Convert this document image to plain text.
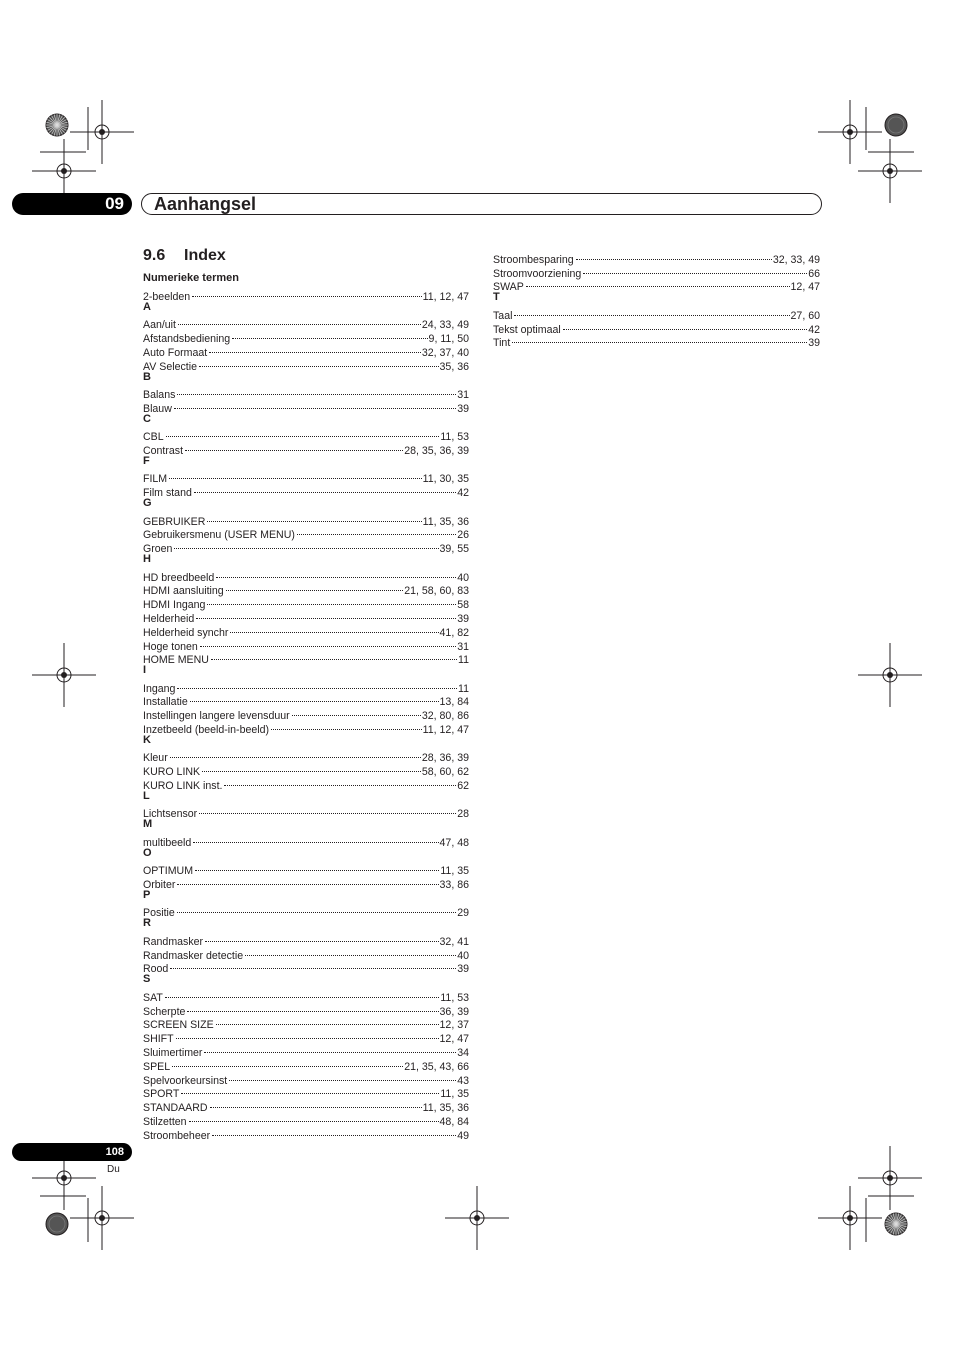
09	Aanhangsel
9.6 Index
Numerieke termen
2-beelden	11, 12, 47
A
Aan/uit	24, 33, 49
Afstandsbediening	9, 11, 50
Auto Formaat	32, 37, 40
AV Selectie	35, 36
B
Balans	31
Blauw	39
C
CBL	11, 53
Contrast	28, 35, 36, 39
F
FILM	11, 30, 35
Film stand	42
G
GEBRUIKER	11, 35, 36
Gebruikersmenu (USER MENU)	26
Groen	39, 55
H
HD breedbeeld	40
HDMI aansluiting	21, 58, 60, 83
HDMI Ingang	58
Helderheid	39
Helderheid synchr	41, 82
Hoge tonen	31
HOME MENU	11
I
Ingang	11
Installatie	13, 84
Instellingen langere levensduur	32, 80, 86
Inzetbeeld (beeld-in-beeld)	11, 12, 47
K
Kleur	28, 36, 39
KURO LINK	58, 60, 62
KURO LINK inst.	62
L
Lichtsensor	28
M
multibeeld	47, 48
O
OPTIMUM	11, 35
Orbiter	33, 86
P
Positie	29
R
Randmasker	32, 41
Randmasker detectie	40
Rood	39
S
SAT	11, 53
Scherpte	36, 39
SCREEN SIZE	12, 37
SHIFT	12, 47
Sluimertimer	34
SPEL	21, 35, 43, 66
Spelvoorkeursinst	43
SPORT	11, 35
STANDAARD	11, 35, 36
Stilzetten	48, 84
Stroombeheer	49
Stroombesparing	32, 33, 49
Stroomvoorziening	66
SWAP	12, 47
T
Taal	27, 60
Tekst optimaal	42
Tint	39
108
Du
